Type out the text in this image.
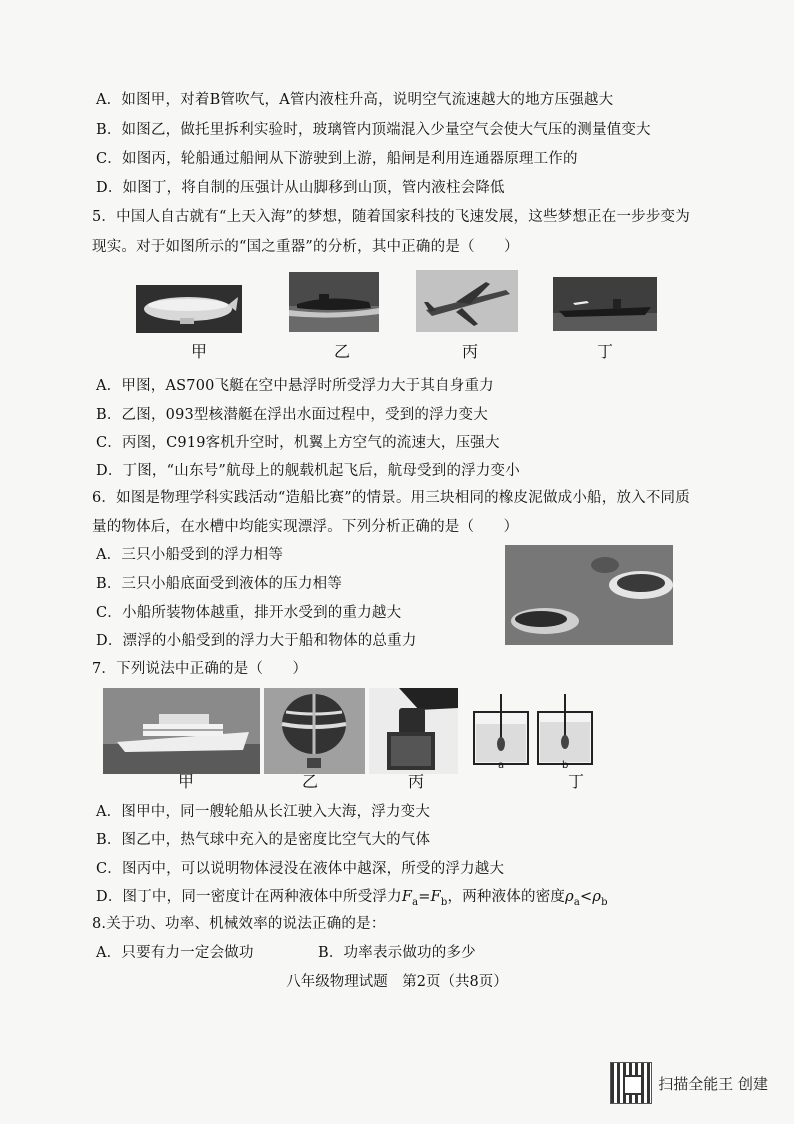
A．如图甲，对着B管吹气，A管内液柱升高，说明空气流速越大的地方压强越大
B．如图乙，做托里拆利实验时，玻璃管内顶端混入少量空气会使大气压的测量值变大
C．如图丙，轮船通过船闸从下游驶到上游，船闸是利用连通器原理工作的
D．如图丁，将自制的压强计从山脚移到山顶，管内液柱会降低
5．中国人自古就有“上天入海”的梦想，随着国家科技的飞速发展，这些梦想正在一步步变为
现实。对于如图所示的“国之重器”的分析，其中正确的是（　　）
甲	乙	丙	丁
A．甲图，AS700飞艇在空中悬浮时所受浮力大于其自身重力
B．乙图，093型核潜艇在浮出水面过程中，受到的浮力变大
C．丙图，C919客机升空时，机翼上方空气的流速大，压强大
D．丁图，“山东号”航母上的舰载机起飞后，航母受到的浮力变小
6．如图是物理学科实践活动“造船比赛”的情景。用三块相同的橡皮泥做成小船，放入不同质
量的物体后，在水槽中均能实现漂浮。下列分析正确的是（　　）
A．三只小船受到的浮力相等
B．三只小船底面受到液体的压力相等
C．小船所装物体越重，排开水受到的重力越大
D．漂浮的小船受到的浮力大于船和物体的总重力
7．下列说法中正确的是（　　）
a	b
甲	乙	丙	丁
A．图甲中，同一艘轮船从长江驶入大海，浮力变大
B．图乙中，热气球中充入的是密度比空气大的气体
C．图丙中，可以说明物体浸没在液体中越深，所受的浮力越大
D．图丁中，同一密度计在两种液体中所受浮力$F_a=F_b$，两种液体的密度$\rho_a<\rho_b$
8.关于功、功率、机械效率的说法正确的是：
A．只要有力一定会做功	B．功率表示做功的多少
八年级物理试题　第2页（共8页）
扫描全能王 创建
